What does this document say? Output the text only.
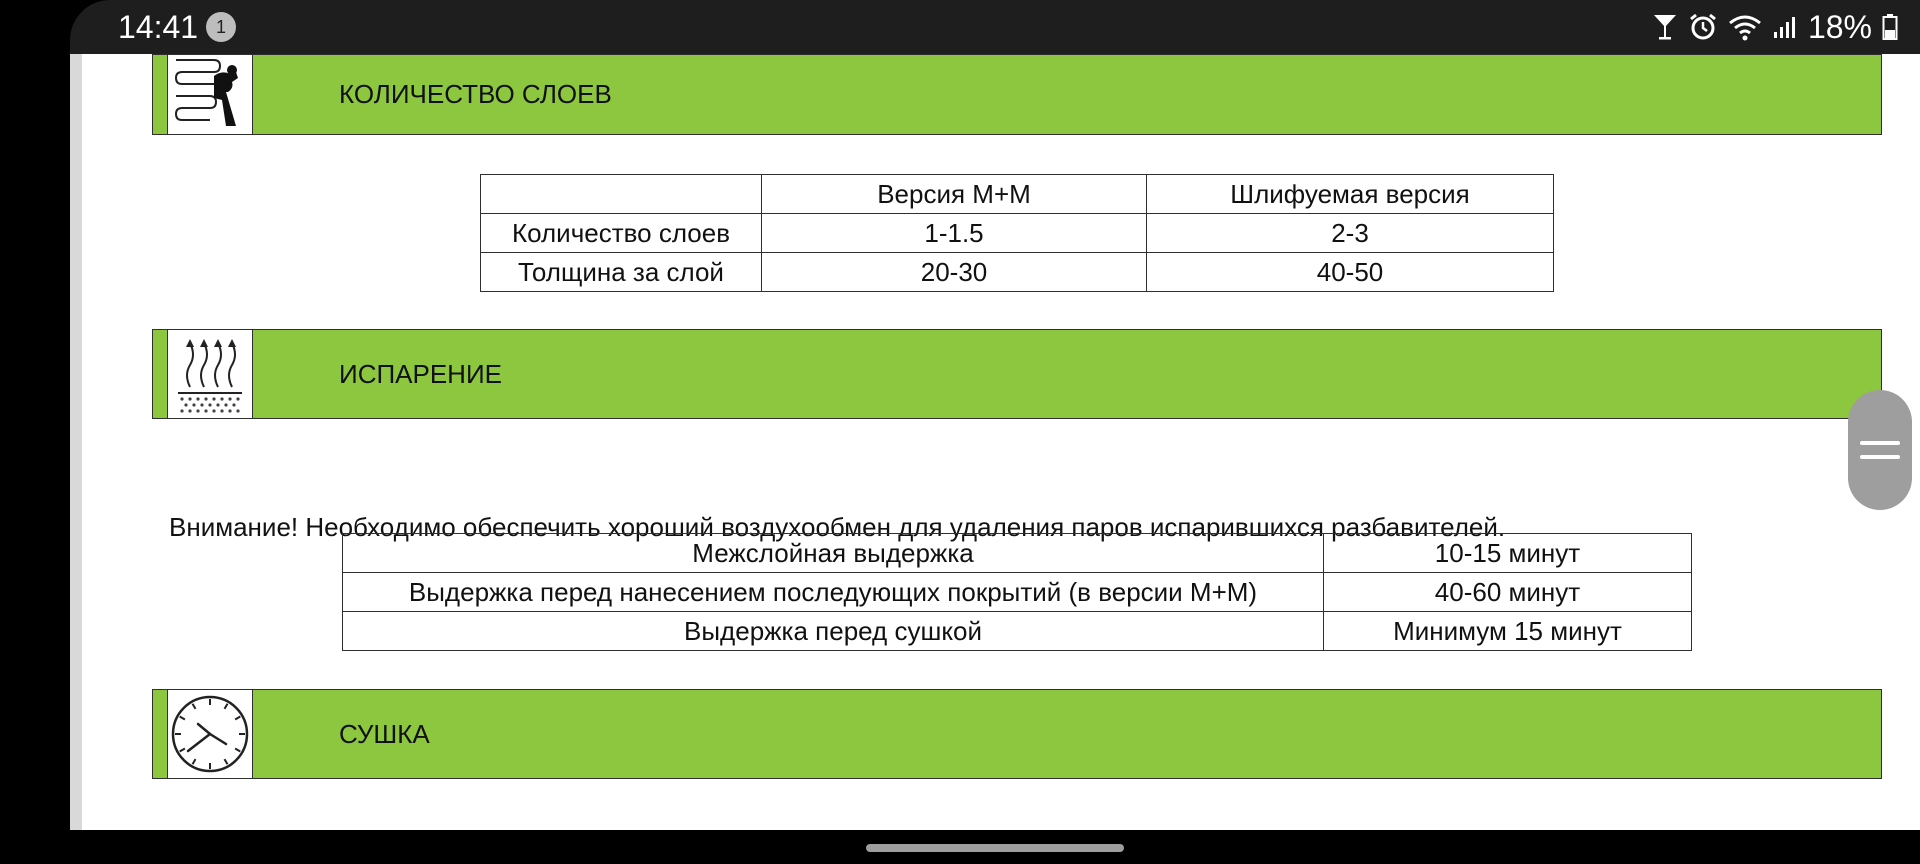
14:41 1	18%
КОЛИЧЕСТВО СЛОЕВ
	Версия M+M	Шлифуемая версия
Количество слоев	1-1.5	2-3
Толщина за слой	20-30	40-50
ИСПАРЕНИЕ
Внимание! Необходимо обеспечить хороший воздухообмен для удаления паров испарившихся разбавителей.
Межслойная выдержка	10-15 минут
Выдержка перед нанесением последующих покрытий (в версии M+M)	40-60 минут
Выдержка перед сушкой	Минимум 15 минут
СУШКА
